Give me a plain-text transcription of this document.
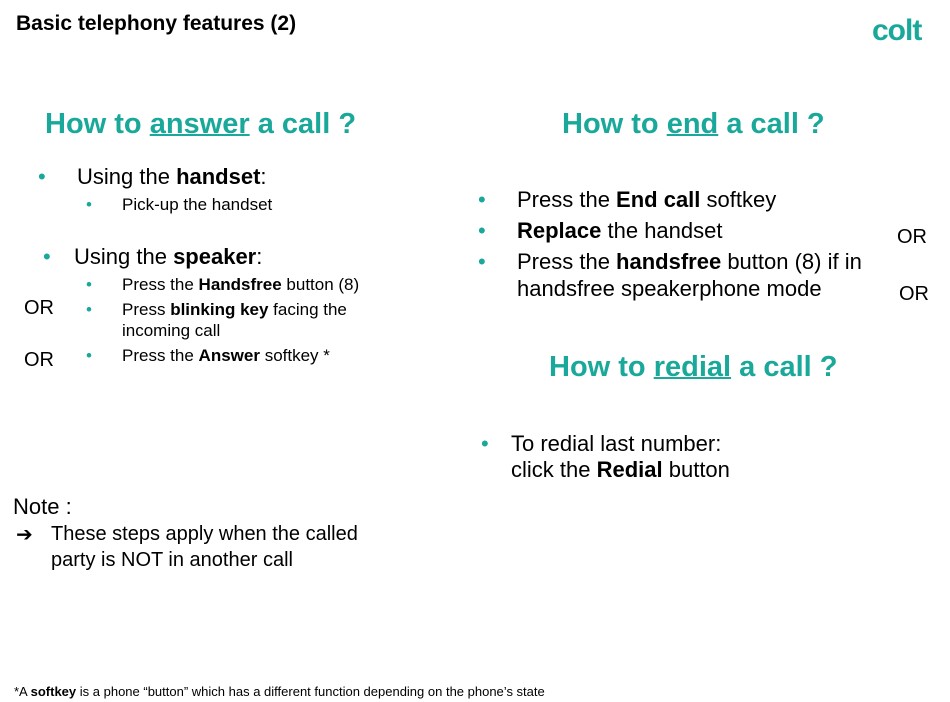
Basic telephony features (2)	colt
How to answer a call ?
• Using the handset:
• Pick-up the handset
• Using the speaker:
• Press the Handsfree button (8)
• Press blinking key facing the
incoming call
• Press the Answer softkey *
OR
OR
How to end a call ?
• Press the End call softkey
• Replace the handset
• Press the handsfree button (8) if in
handsfree speakerphone mode
OR
OR
How to redial a call ?
• To redial last number:
click the Redial button
Note :
➔ These steps apply when the called
party is NOT in another call
*A softkey is a phone “button” which has a different function depending on the phone’s state
